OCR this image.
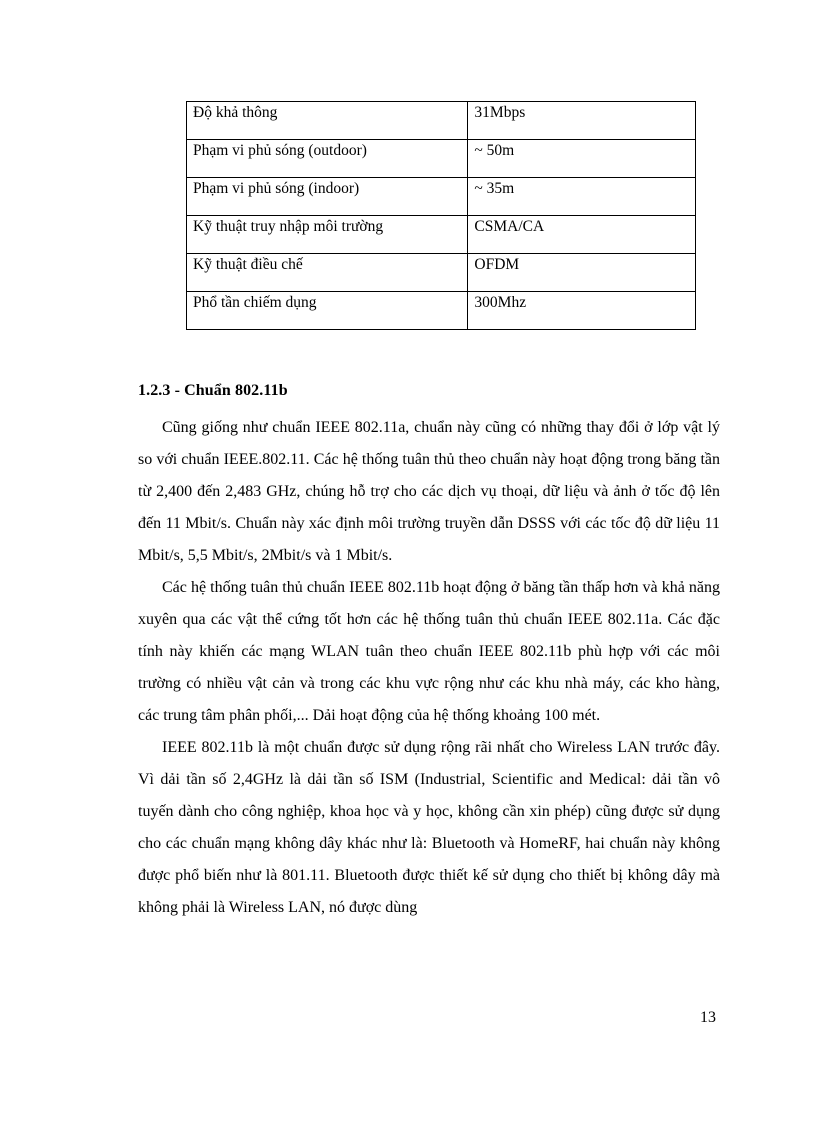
Độ khả thông	31Mbps
Phạm vi phủ sóng (outdoor)	~ 50m
Phạm vi phủ sóng (indoor)	~ 35m
Kỹ thuật truy nhập môi trường	CSMA/CA
Kỹ thuật điều chế	OFDM
Phổ tần chiếm dụng	300Mhz
1.2.3 - Chuẩn 802.11b

Cũng giống như chuẩn IEEE 802.11a, chuẩn này cũng có những thay đổi ở lớp vật lý so với chuẩn IEEE.802.11. Các hệ thống tuân thủ theo chuẩn này hoạt động trong băng tần từ 2,400 đến 2,483 GHz, chúng hỗ trợ cho các dịch vụ thoại, dữ liệu và ảnh ở tốc độ lên đến 11 Mbit/s. Chuẩn này xác định môi trường truyền dẫn DSSS với các tốc độ dữ liệu 11 Mbit/s, 5,5 Mbit/s, 2Mbit/s và 1 Mbit/s.

Các hệ thống tuân thủ chuẩn IEEE 802.11b hoạt động ở băng tần thấp hơn và khả năng xuyên qua các vật thể cứng tốt hơn các hệ thống tuân thủ chuẩn IEEE 802.11a. Các đặc tính này khiến các mạng WLAN tuân theo chuẩn IEEE 802.11b phù hợp với các môi trường có nhiều vật cản và trong các khu vực rộng như các khu nhà máy, các kho hàng, các trung tâm phân phối,... Dải hoạt động của hệ thống khoảng 100 mét.

IEEE 802.11b là một chuẩn được sử dụng rộng rãi nhất cho Wireless LAN trước đây. Vì dải tần số 2,4GHz là dải tần số ISM (Industrial, Scientific and Medical: dải tần vô tuyến dành cho công nghiệp, khoa học và y học, không cần xin phép) cũng được sử dụng cho các chuẩn mạng không dây khác như là: Bluetooth và HomeRF, hai chuẩn này không được phổ biến như là 801.11. Bluetooth được thiết kế sử dụng cho thiết bị không dây mà không phải là Wireless LAN, nó được dùng

13
